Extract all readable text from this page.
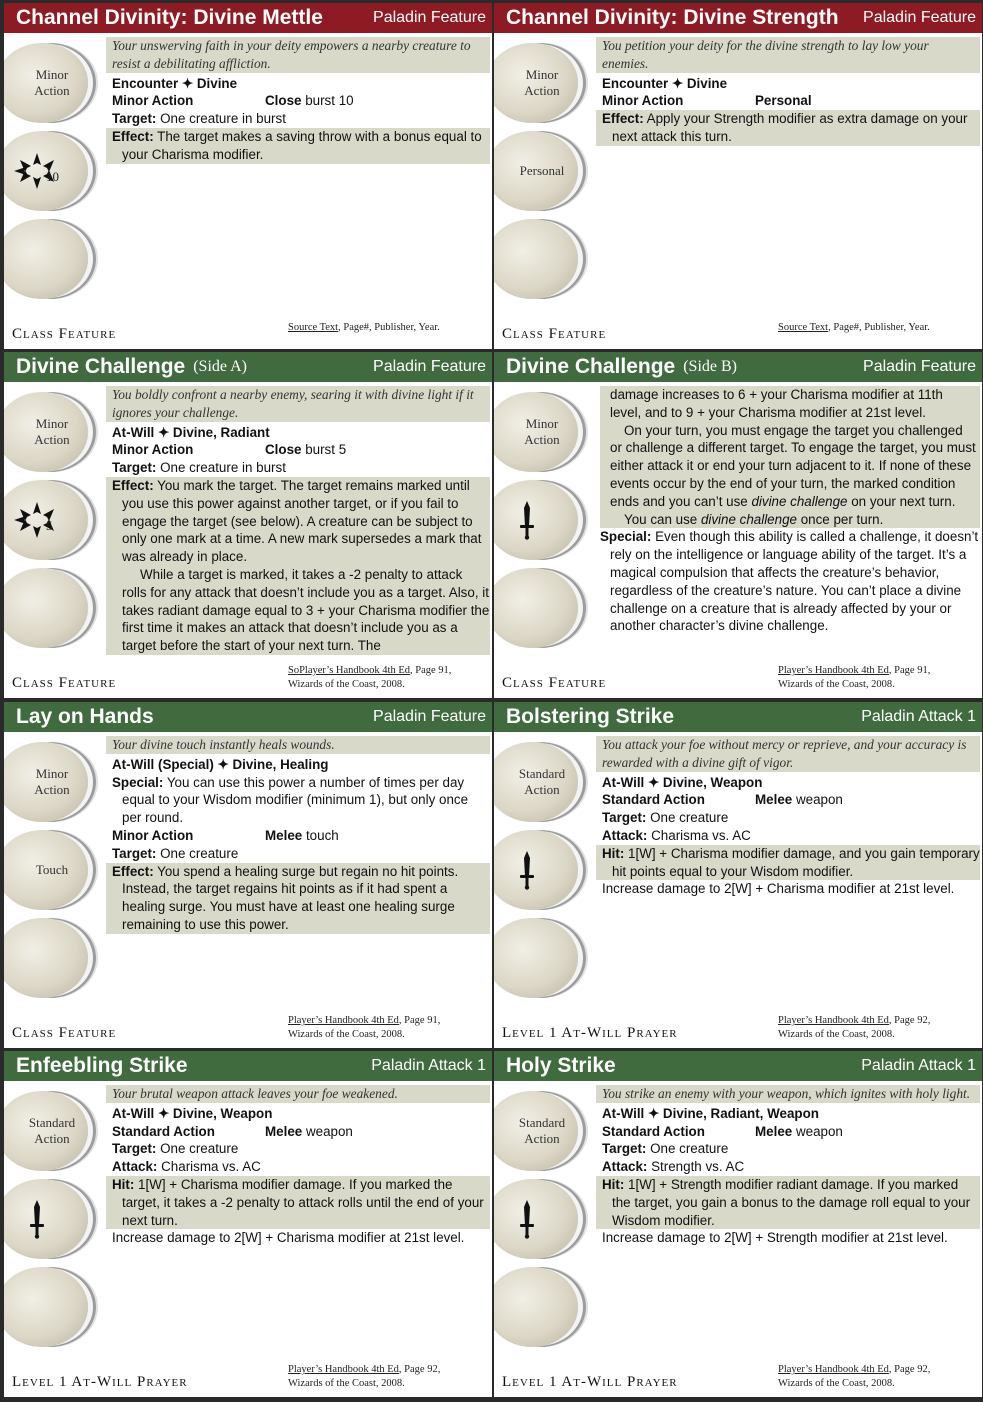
Channel Divinity: Divine Mettle	Paladin Feature
Minor Action
10
Your unswerving faith in your deity empowers a nearby creature to resist a debilitating affliction.
Encounter ✦ Divine
Minor Action	Close burst 10
Target: One creature in burst
Effect: The target makes a saving throw with a bonus equal to your Charisma modifier.
Class Feature	Source Text, Page#, Publisher, Year.
Channel Divinity: Divine Strength Paladin Feature
Minor Action
Personal
You petition your deity for the divine strength to lay low your enemies.
Encounter ✦ Divine
Minor Action	Personal
Effect: Apply your Strength modifier as extra damage on your next attack this turn.
Class Feature	Source Text, Page#, Publisher, Year.
Divine Challenge (Side A)	Paladin Feature
Minor Action
5
You boldly confront a nearby enemy, searing it with divine light if it ignores your challenge.
At-Will ✦ Divine, Radiant
Minor Action	Close burst 5
Target: One creature in burst
Effect: You mark the target. The target remains marked until you use this power against another target, or if you fail to engage the target (see below). A creature can be subject to only one mark at a time. A new mark supersedes a mark that was already in place.
While a target is marked, it takes a -2 penalty to attack rolls for any attack that doesn’t include you as a target. Also, it takes radiant damage equal to 3 + your Charisma modifier the first time it makes an attack that doesn’t include you as a target before the start of your next turn. The
Class Feature
SoPlayer’s Handbook 4th Ed, Page 91,
Wizards of the Coast, 2008.
Divine Challenge (Side B)	Paladin Feature
Minor Action
damage increases to 6 + your Charisma modifier at 11th level, and to 9 + your Charisma modifier at 21st level.
On your turn, you must engage the target you challenged or challenge a different target. To engage the target, you must either attack it or end your turn adjacent to it. If none of these events occur by the end of your turn, the marked condition ends and you can’t use divine challenge on your next turn.
You can use divine challenge once per turn.
Special: Even though this ability is called a challenge, it doesn’t rely on the intelligence or language ability of the target. It’s a magical compulsion that affects the creature’s behavior, regardless of the creature’s nature. You can’t place a divine challenge on a creature that is already affected by your or another character’s divine challenge.
Class Feature
Player’s Handbook 4th Ed, Page 91,
Wizards of the Coast, 2008.
Lay on Hands	Paladin Feature
Minor Action
Touch
Your divine touch instantly heals wounds.
At-Will (Special) ✦ Divine, Healing
Special: You can use this power a number of times per day equal to your Wisdom modifier (minimum 1), but only once per round.
Minor Action	Melee touch
Target: One creature
Effect: You spend a healing surge but regain no hit points. Instead, the target regains hit points as if it had spent a healing surge. You must have at least one healing surge remaining to use this power.
Class Feature
Player’s Handbook 4th Ed, Page 91,
Wizards of the Coast, 2008.
Bolstering Strike	Paladin Attack 1
Standard Action
You attack your foe without mercy or reprieve, and your accuracy is rewarded with a divine gift of vigor.
At-Will ✦ Divine, Weapon
Standard Action	Melee weapon
Target: One creature
Attack: Charisma vs. AC
Hit: 1[W] + Charisma modifier damage, and you gain temporary hit points equal to your Wisdom modifier.
Increase damage to 2[W] + Charisma modifier at 21st level.
Level 1 At-Will Prayer
Player’s Handbook 4th Ed, Page 92,
Wizards of the Coast, 2008.
Enfeebling Strike	Paladin Attack 1
Standard Action
Your brutal weapon attack leaves your foe weakened.
At-Will ✦ Divine, Weapon
Standard Action	Melee weapon
Target: One creature
Attack: Charisma vs. AC
Hit: 1[W] + Charisma modifier damage. If you marked the target, it takes a -2 penalty to attack rolls until the end of your next turn.
Increase damage to 2[W] + Charisma modifier at 21st level.
Level 1 At-Will Prayer
Player’s Handbook 4th Ed, Page 92,
Wizards of the Coast, 2008.
Holy Strike	Paladin Attack 1
Standard Action
You strike an enemy with your weapon, which ignites with holy light.
At-Will ✦ Divine, Radiant, Weapon
Standard Action	Melee weapon
Target: One creature
Attack: Strength vs. AC
Hit: 1[W] + Strength modifier radiant damage. If you marked the target, you gain a bonus to the damage roll equal to your Wisdom modifier.
Increase damage to 2[W] + Strength modifier at 21st level.
Level 1 At-Will Prayer
Player’s Handbook 4th Ed, Page 92,
Wizards of the Coast, 2008.
